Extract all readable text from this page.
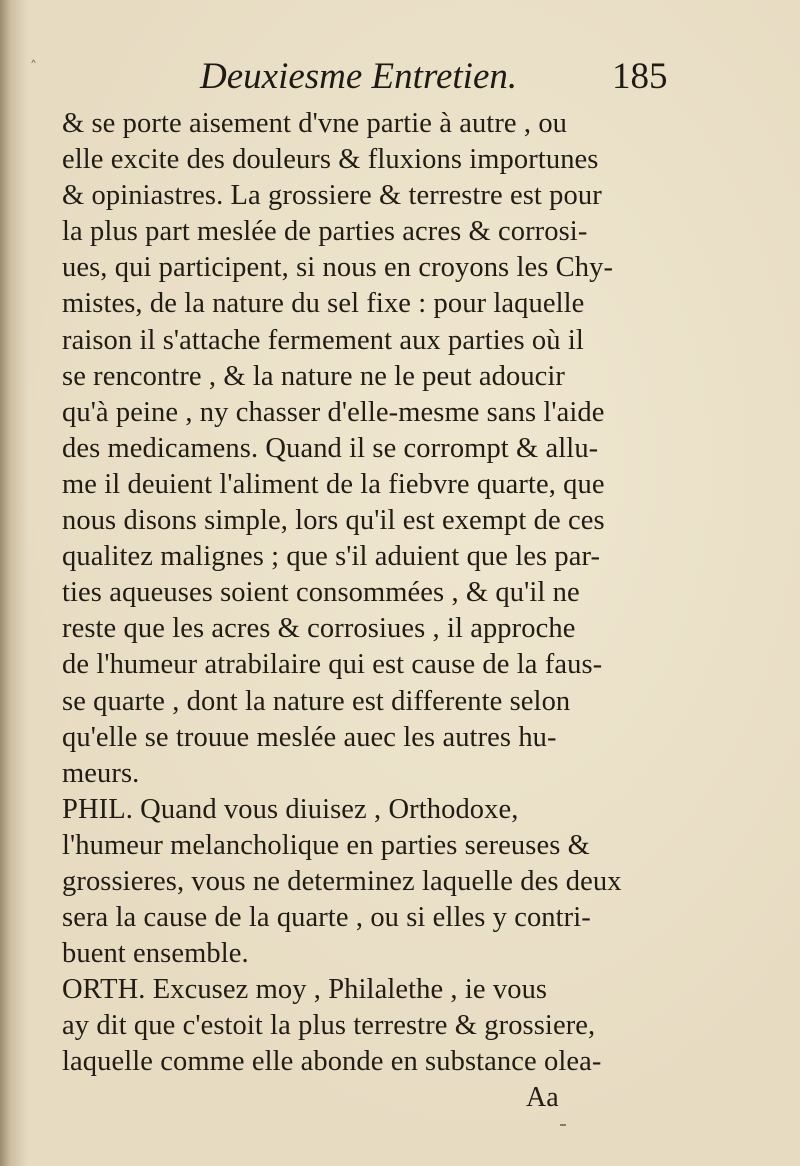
˄	Deuxiesme Entretien.	185
& se porte aisement d'vne partie à autre , ou
elle excite des douleurs & fluxions importunes
& opiniastres. La grossiere & terrestre est pour
la plus part meslée de parties acres & corrosi-
ues, qui participent, si nous en croyons les Chy-
mistes, de la nature du sel fixe : pour laquelle
raison il s'attache fermement aux parties où il
se rencontre , & la nature ne le peut adoucir
qu'à peine , ny chasser d'elle-mesme sans l'aide
des medicamens. Quand il se corrompt & allu-
me il deuient l'aliment de la fiebvre quarte, que
nous disons simple, lors qu'il est exempt de ces
qualitez malignes ; que s'il aduient que les par-
ties aqueuses soient consommées , & qu'il ne
reste que les acres & corrosiues , il approche
de l'humeur atrabilaire qui est cause de la faus-
se quarte , dont la nature est differente selon
qu'elle se trouue meslée auec les autres hu-
meurs.
PHIL. Quand vous diuisez , Orthodoxe,
l'humeur melancholique en parties sereuses &
grossieres, vous ne determinez laquelle des deux
sera la cause de la quarte , ou si elles y contri-
buent ensemble.
ORTH. Excusez moy , Philalethe , ie vous
ay dit que c'estoit la plus terrestre & grossiere,
laquelle comme elle abonde en substance olea-
Aa
